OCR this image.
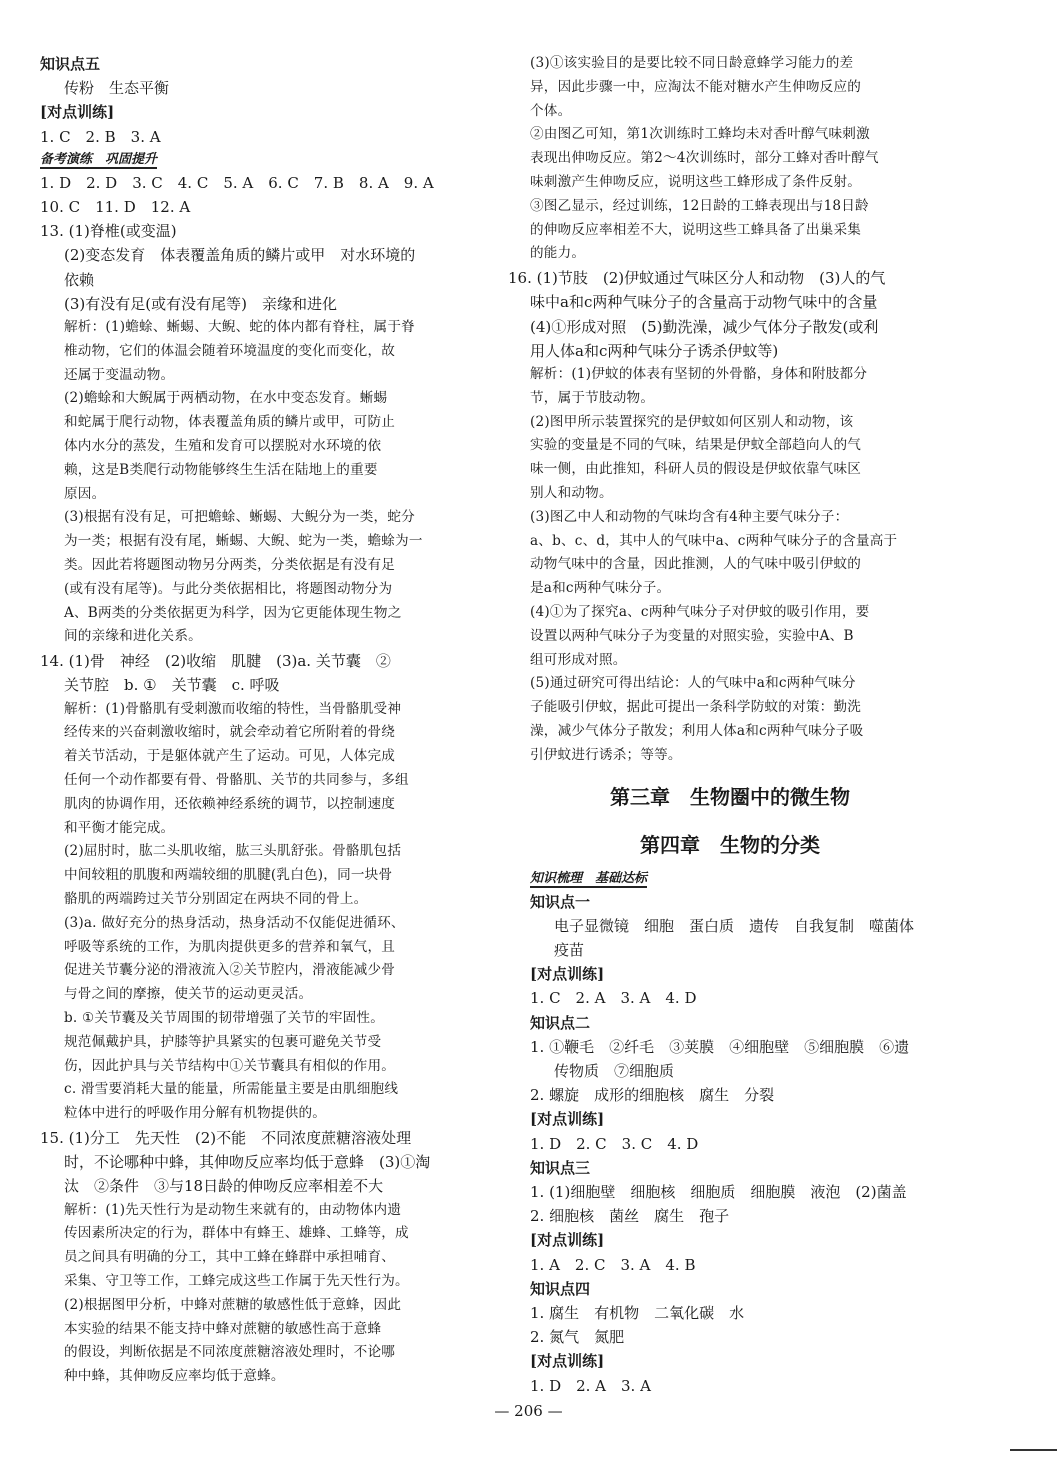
知识点五
传粉　生态平衡
[对点训练]
1. C　2. B　3. A
备考演练　巩固提升
1. D　2. D　3. C　4. C　5. A　6. C　7. B　8. A　9. A
10. C　11. D　12. A
13. (1)脊椎(或变温)
(2)变态发育　体表覆盖角质的鳞片或甲　对水环境的
依赖
(3)有没有足(或有没有尾等)　亲缘和进化
解析：(1)蟾蜍、蜥蜴、大鲵、蛇的体内都有脊柱，属于脊
椎动物，它们的体温会随着环境温度的变化而变化，故
还属于变温动物。
(2)蟾蜍和大鲵属于两栖动物，在水中变态发育。蜥蜴
和蛇属于爬行动物，体表覆盖角质的鳞片或甲，可防止
体内水分的蒸发，生殖和发育可以摆脱对水环境的依
赖，这是B类爬行动物能够终生生活在陆地上的重要
原因。
(3)根据有没有足，可把蟾蜍、蜥蜴、大鲵分为一类，蛇分
为一类；根据有没有尾，蜥蜴、大鲵、蛇为一类，蟾蜍为一
类。因此若将题图动物另分两类，分类依据是有没有足
(或有没有尾等)。与此分类依据相比，将题图动物分为
A、B两类的分类依据更为科学，因为它更能体现生物之
间的亲缘和进化关系。
14. (1)骨　神经　(2)收缩　肌腱　(3)a. 关节囊　②
关节腔　b. ①　关节囊　c. 呼吸
解析：(1)骨骼肌有受刺激而收缩的特性，当骨骼肌受神
经传来的兴奋刺激收缩时，就会牵动着它所附着的骨绕
着关节活动，于是躯体就产生了运动。可见，人体完成
任何一个动作都要有骨、骨骼肌、关节的共同参与，多组
肌肉的协调作用，还依赖神经系统的调节，以控制速度
和平衡才能完成。
(2)屈肘时，肱二头肌收缩，肱三头肌舒张。骨骼肌包括
中间较粗的肌腹和两端较细的肌腱(乳白色)，同一块骨
骼肌的两端跨过关节分别固定在两块不同的骨上。
(3)a. 做好充分的热身活动，热身活动不仅能促进循环、
呼吸等系统的工作，为肌肉提供更多的营养和氧气，且
促进关节囊分泌的滑液流入②关节腔内，滑液能减少骨
与骨之间的摩擦，使关节的运动更灵活。
b. ①关节囊及关节周围的韧带增强了关节的牢固性。
规范佩戴护具，护膝等护具紧实的包裹可避免关节受
伤，因此护具与关节结构中①关节囊具有相似的作用。
c. 滑雪要消耗大量的能量，所需能量主要是由肌细胞线
粒体中进行的呼吸作用分解有机物提供的。
15. (1)分工　先天性　(2)不能　不同浓度蔗糖溶液处理
时，不论哪种中蜂，其伸吻反应率均低于意蜂　(3)①淘
汰　②条件　③与18日龄的伸吻反应率相差不大
解析：(1)先天性行为是动物生来就有的，由动物体内遗
传因素所决定的行为，群体中有蜂王、雄蜂、工蜂等，成
员之间具有明确的分工，其中工蜂在蜂群中承担哺育、
采集、守卫等工作，工蜂完成这些工作属于先天性行为。
(2)根据图甲分析，中蜂对蔗糖的敏感性低于意蜂，因此
本实验的结果不能支持中蜂对蔗糖的敏感性高于意蜂
的假设，判断依据是不同浓度蔗糖溶液处理时，不论哪
种中蜂，其伸吻反应率均低于意蜂。
(3)①该实验目的是要比较不同日龄意蜂学习能力的差
异，因此步骤一中，应淘汰不能对糖水产生伸吻反应的
个体。
②由图乙可知，第1次训练时工蜂均未对香叶醇气味刺激
表现出伸吻反应。第2～4次训练时，部分工蜂对香叶醇气
味刺激产生伸吻反应，说明这些工蜂形成了条件反射。
③图乙显示，经过训练，12日龄的工蜂表现出与18日龄
的伸吻反应率相差不大，说明这些工蜂具备了出巢采集
的能力。
16. (1)节肢　(2)伊蚊通过气味区分人和动物　(3)人的气
味中a和c两种气味分子的含量高于动物气味中的含量
(4)①形成对照　(5)勤洗澡，减少气体分子散发(或利
用人体a和c两种气味分子诱杀伊蚊等)
解析：(1)伊蚊的体表有坚韧的外骨骼，身体和附肢都分
节，属于节肢动物。
(2)图甲所示装置探究的是伊蚊如何区别人和动物，该
实验的变量是不同的气味，结果是伊蚊全部趋向人的气
味一侧，由此推知，科研人员的假设是伊蚊依靠气味区
别人和动物。
(3)图乙中人和动物的气味均含有4种主要气味分子：
a、b、c、d，其中人的气味中a、c两种气味分子的含量高于
动物气味中的含量，因此推测，人的气味中吸引伊蚊的
是a和c两种气味分子。
(4)①为了探究a、c两种气味分子对伊蚊的吸引作用，要
设置以两种气味分子为变量的对照实验，实验中A、B
组可形成对照。
(5)通过研究可得出结论：人的气味中a和c两种气味分
子能吸引伊蚊，据此可提出一条科学防蚊的对策：勤洗
澡，减少气体分子散发；利用人体a和c两种气味分子吸
引伊蚊进行诱杀；等等。
第三章　生物圈中的微生物
第四章　生物的分类
知识梳理　基础达标
知识点一
电子显微镜　细胞　蛋白质　遗传　自我复制　噬菌体
疫苗
[对点训练]
1. C　2. A　3. A　4. D
知识点二
1. ①鞭毛　②纤毛　③荚膜　④细胞壁　⑤细胞膜　⑥遗
传物质　⑦细胞质
2. 螺旋　成形的细胞核　腐生　分裂
[对点训练]
1. D　2. C　3. C　4. D
知识点三
1. (1)细胞壁　细胞核　细胞质　细胞膜　液泡　(2)菌盖
2. 细胞核　菌丝　腐生　孢子
[对点训练]
1. A　2. C　3. A　4. B
知识点四
1. 腐生　有机物　二氧化碳　水
2. 氮气　氮肥
[对点训练]
1. D　2. A　3. A
— 206 —
